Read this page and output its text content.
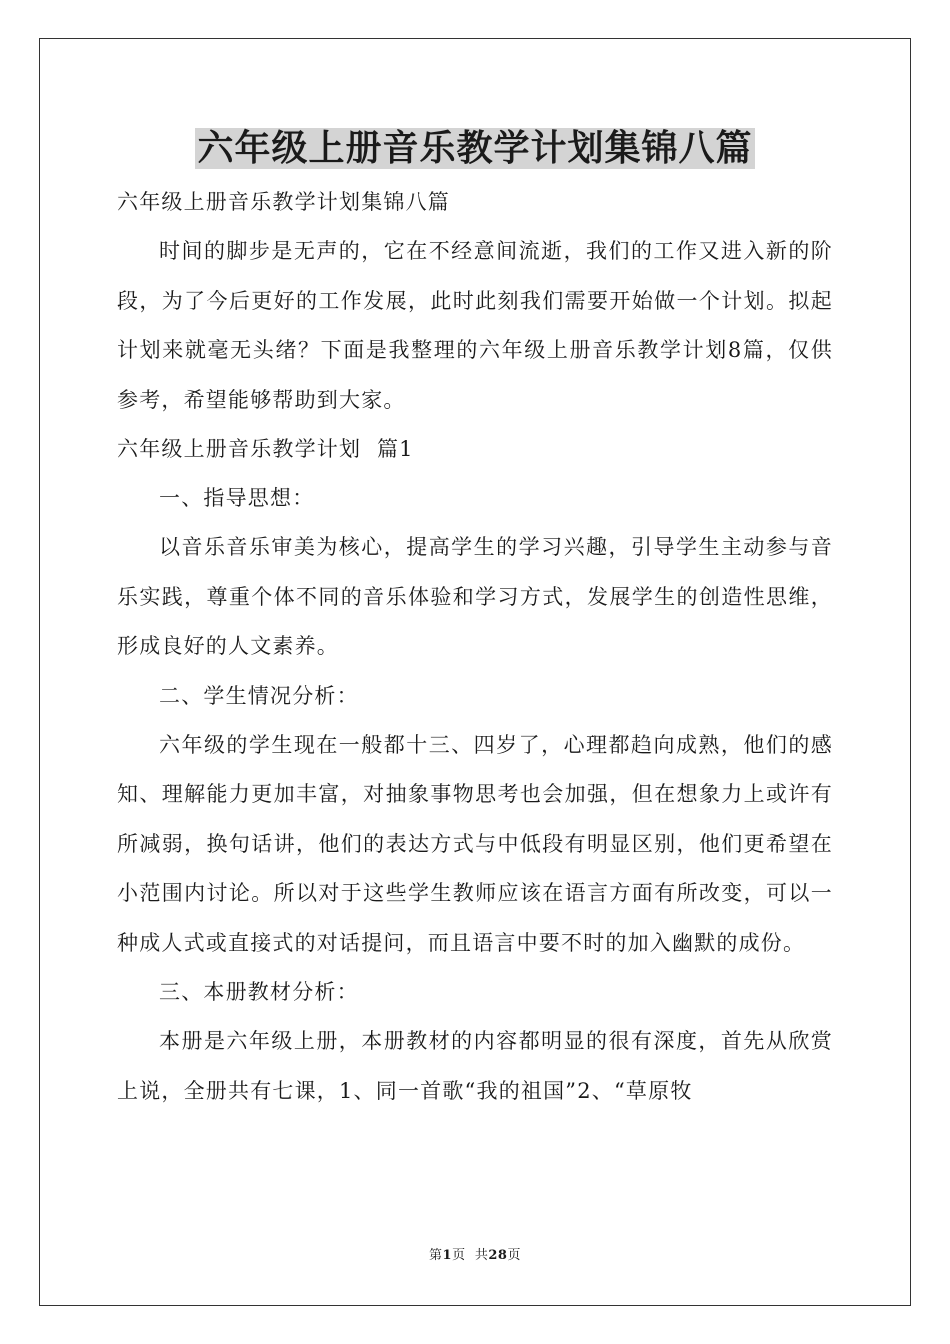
六年级上册音乐教学计划集锦八篇

六年级上册音乐教学计划集锦八篇

时间的脚步是无声的，它在不经意间流逝，我们的工作又进入新的阶段，为了今后更好的工作发展，此时此刻我们需要开始做一个计划。拟起计划来就毫无头绪？下面是我整理的六年级上册音乐教学计划8篇，仅供参考，希望能够帮助到大家。

六年级上册音乐教学计划  篇1

一、指导思想：

以音乐音乐审美为核心，提高学生的学习兴趣，引导学生主动参与音乐实践，尊重个体不同的音乐体验和学习方式，发展学生的创造性思维，形成良好的人文素养。

二、学生情况分析：

六年级的学生现在一般都十三、四岁了，心理都趋向成熟，他们的感知、理解能力更加丰富，对抽象事物思考也会加强，但在想象力上或许有所减弱，换句话讲，他们的表达方式与中低段有明显区别，他们更希望在小范围内讨论。所以对于这些学生教师应该在语言方面有所改变，可以一种成人式或直接式的对话提问，而且语言中要不时的加入幽默的成份。

三、本册教材分析：

本册是六年级上册，本册教材的内容都明显的很有深度，首先从欣赏上说，全册共有七课，1、同一首歌“我的祖国”2、“草原牧

第1页  共28页
